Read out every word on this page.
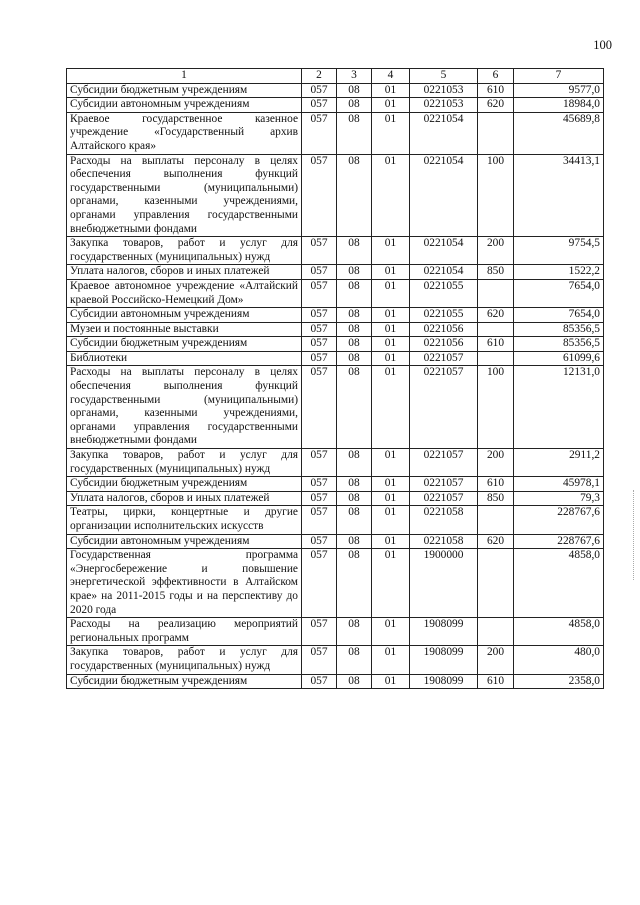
100
1	2	3	4	5	6	7
Субсидии бюджетным учреждениям	057	08	01	0221053	610	9577,0
Субсидии автономным учреждениям	057	08	01	0221053	620	18984,0
Краевое государственное казенное учреждение «Государственный архив Алтайского края»	057	08	01	0221054		45689,8
Расходы на выплаты персоналу в целях обеспечения выполнения функций государственными (муниципальными) органами, казенными учреждениями, органами управления государственными внебюджетными фондами	057	08	01	0221054	100	34413,1
Закупка товаров, работ и услуг для государственных (муниципальных) нужд	057	08	01	0221054	200	9754,5
Уплата налогов, сборов и иных платежей	057	08	01	0221054	850	1522,2
Краевое автономное учреждение «Алтайский краевой Российско-Немецкий Дом»	057	08	01	0221055		7654,0
Субсидии автономным учреждениям	057	08	01	0221055	620	7654,0
Музеи и постоянные выставки	057	08	01	0221056		85356,5
Субсидии бюджетным учреждениям	057	08	01	0221056	610	85356,5
Библиотеки	057	08	01	0221057		61099,6
Расходы на выплаты персоналу в целях обеспечения выполнения функций государственными (муниципальными) органами, казенными учреждениями, органами управления государственными внебюджетными фондами	057	08	01	0221057	100	12131,0
Закупка товаров, работ и услуг для государственных (муниципальных) нужд	057	08	01	0221057	200	2911,2
Субсидии бюджетным учреждениям	057	08	01	0221057	610	45978,1
Уплата налогов, сборов и иных платежей	057	08	01	0221057	850	79,3
Театры, цирки, концертные и другие организации исполнительских искусств	057	08	01	0221058		228767,6
Субсидии автономным учреждениям	057	08	01	0221058	620	228767,6
Государственная программа «Энергосбережение и повышение энергетической эффективности в Алтайском крае» на 2011-2015 годы и на перспективу до 2020 года	057	08	01	1900000		4858,0
Расходы на реализацию мероприятий региональных программ	057	08	01	1908099		4858,0
Закупка товаров, работ и услуг для государственных (муниципальных) нужд	057	08	01	1908099	200	480,0
Субсидии бюджетным учреждениям	057	08	01	1908099	610	2358,0
